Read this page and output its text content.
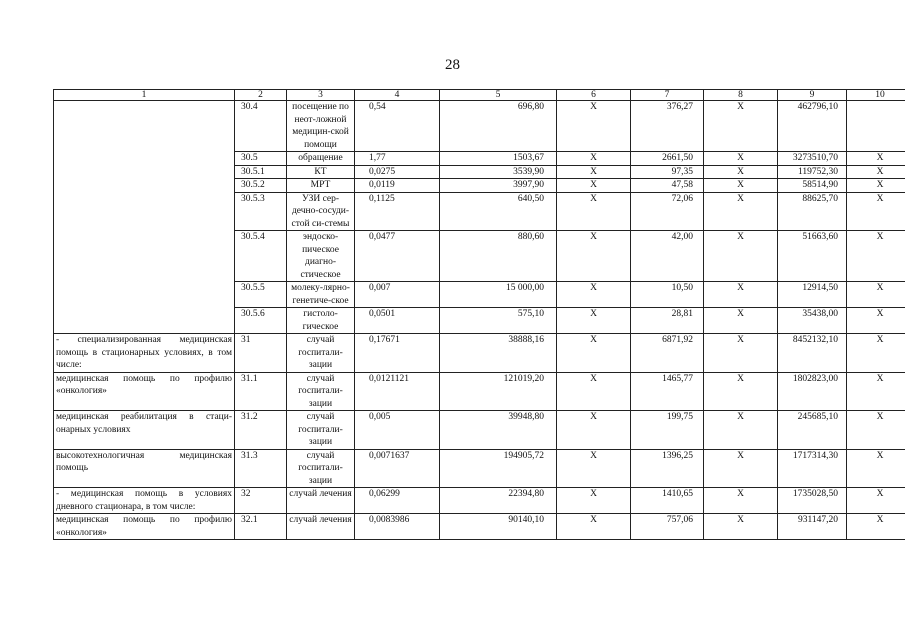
28
1	2	3	4	5	6	7	8	9	10
	30.4	посещение по неот-ложной медицин-ской помощи	0,54	696,80	X	376,27	X	462796,10	
	30.5	обращение	1,77	1503,67	X	2661,50	X	3273510,70	X
	30.5.1	КТ	0,0275	3539,90	X	97,35	X	119752,30	X
	30.5.2	МРТ	0,0119	3997,90	X	47,58	X	58514,90	X
	30.5.3	УЗИ сер-дечно-сосуди-стой си-стемы	0,1125	640,50	X	72,06	X	88625,70	X
	30.5.4	эндоско-пическое диагно-стическое	0,0477	880,60	X	42,00	X	51663,60	X
	30.5.5	молеку-лярно-генетиче-ское	0,007	15 000,00	X	10,50	X	12914,50	X
	30.5.6	гистоло-гическое	0,0501	575,10	X	28,81	X	35438,00	X
- специализированная медицинская помощь в стационарных условиях, в том числе:	31	случай госпитали-зации	0,17671	38888,16	X	6871,92	X	8452132,10	X
медицинская помощь по профилю «онкология»	31.1	случай госпитали-зации	0,0121121	121019,20	X	1465,77	X	1802823,00	X
медицинская реабилитация в стаци-онарных условиях	31.2	случай госпитали-зации	0,005	39948,80	X	199,75	X	245685,10	X
высокотехнологичная медицинская помощь	31.3	случай госпитали-зации	0,0071637	194905,72	X	1396,25	X	1717314,30	X
- медицинская помощь в условиях дневного стационара, в том числе:	32	случай лечения	0,06299	22394,80	X	1410,65	X	1735028,50	X
медицинская помощь по профилю «онкология»	32.1	случай лечения	0,0083986	90140,10	X	757,06	X	931147,20	X
